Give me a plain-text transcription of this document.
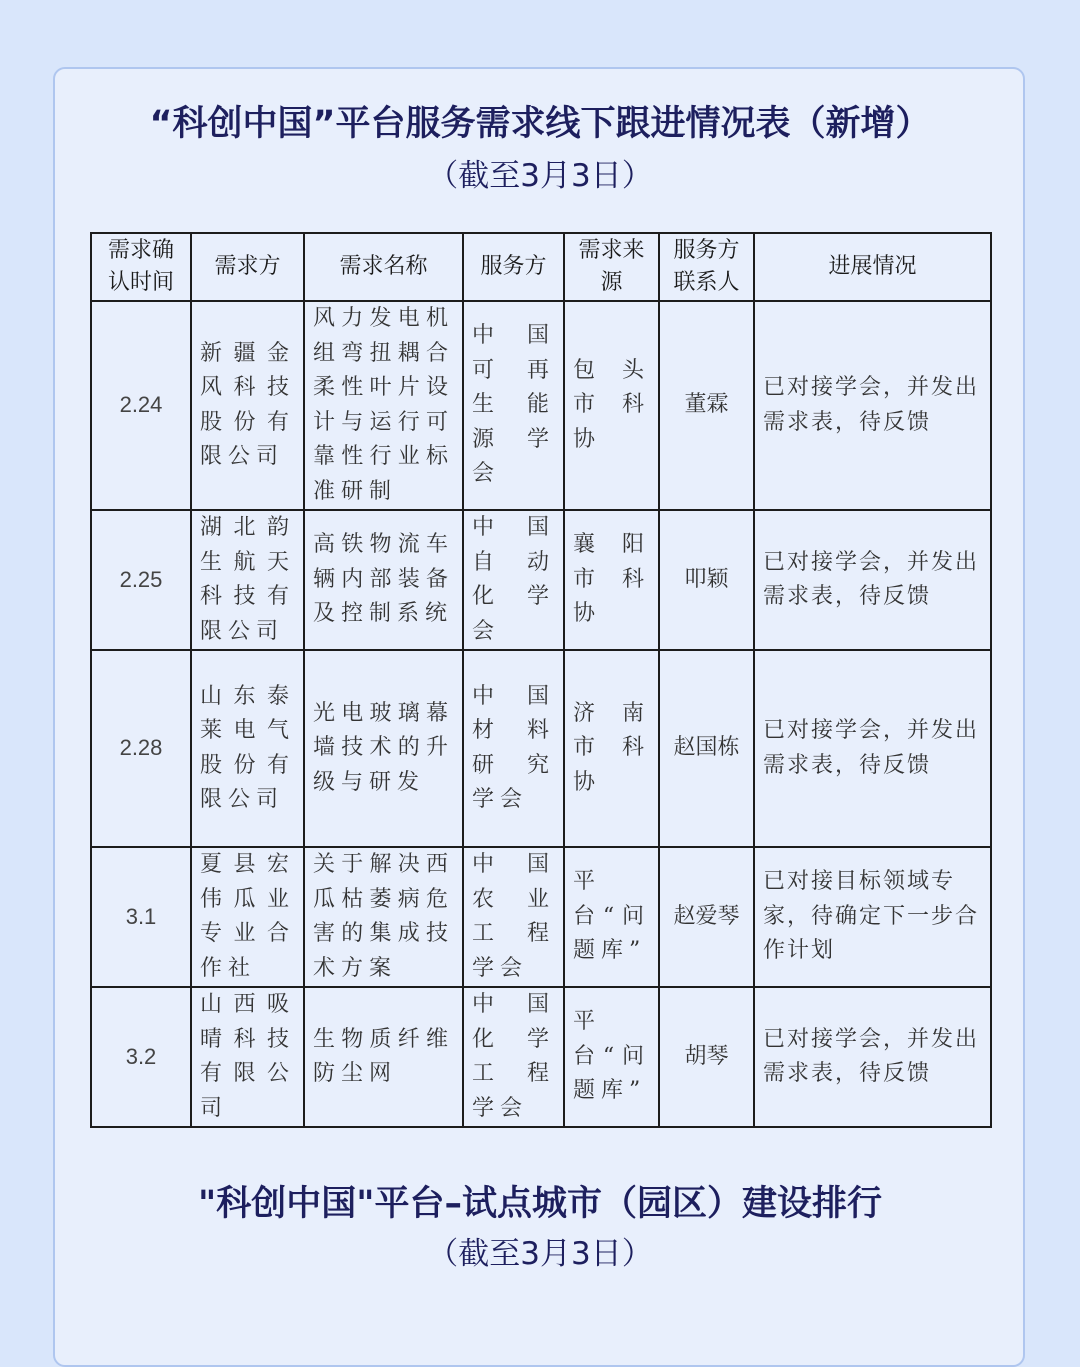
“科创中国”平台服务需求线下跟进情况表（新增）
（截至3月3日）
需求确认时间	需求方	需求名称	服务方	需求来源	服务方联系人	进展情况
2.24	新疆金风科技股份有限公司	风力发电机组弯扭耦合柔性叶片设计与运行可靠性行业标准研制	中国可再生能源学会	包头市科协	董霖	已对接学会，并发出需求表，待反馈
2.25	湖北韵生航天科技有限公司	高铁物流车辆内部装备及控制系统	中国自动化学会	襄阳市科协	叩颖	已对接学会，并发出需求表，待反馈
2.28	山东泰莱电气股份有限公司	光电玻璃幕墙技术的升级与研发	中国材料研究学会	济南市科协	赵国栋	已对接学会，并发出需求表，待反馈
3.1	夏县宏伟瓜业专业合作社	关于解决西瓜枯萎病危害的集成技术方案	中国农业工程学会	平台“问题库”	赵爱琴	已对接目标领域专家，待确定下一步合作计划
3.2	山西吸晴科技有限公司	生物质纤维防尘网	中国化学工程学会	平台“问题库”	胡琴	已对接学会，并发出需求表，待反馈
"科创中国"平台–试点城市（园区）建设排行
（截至3月3日）
